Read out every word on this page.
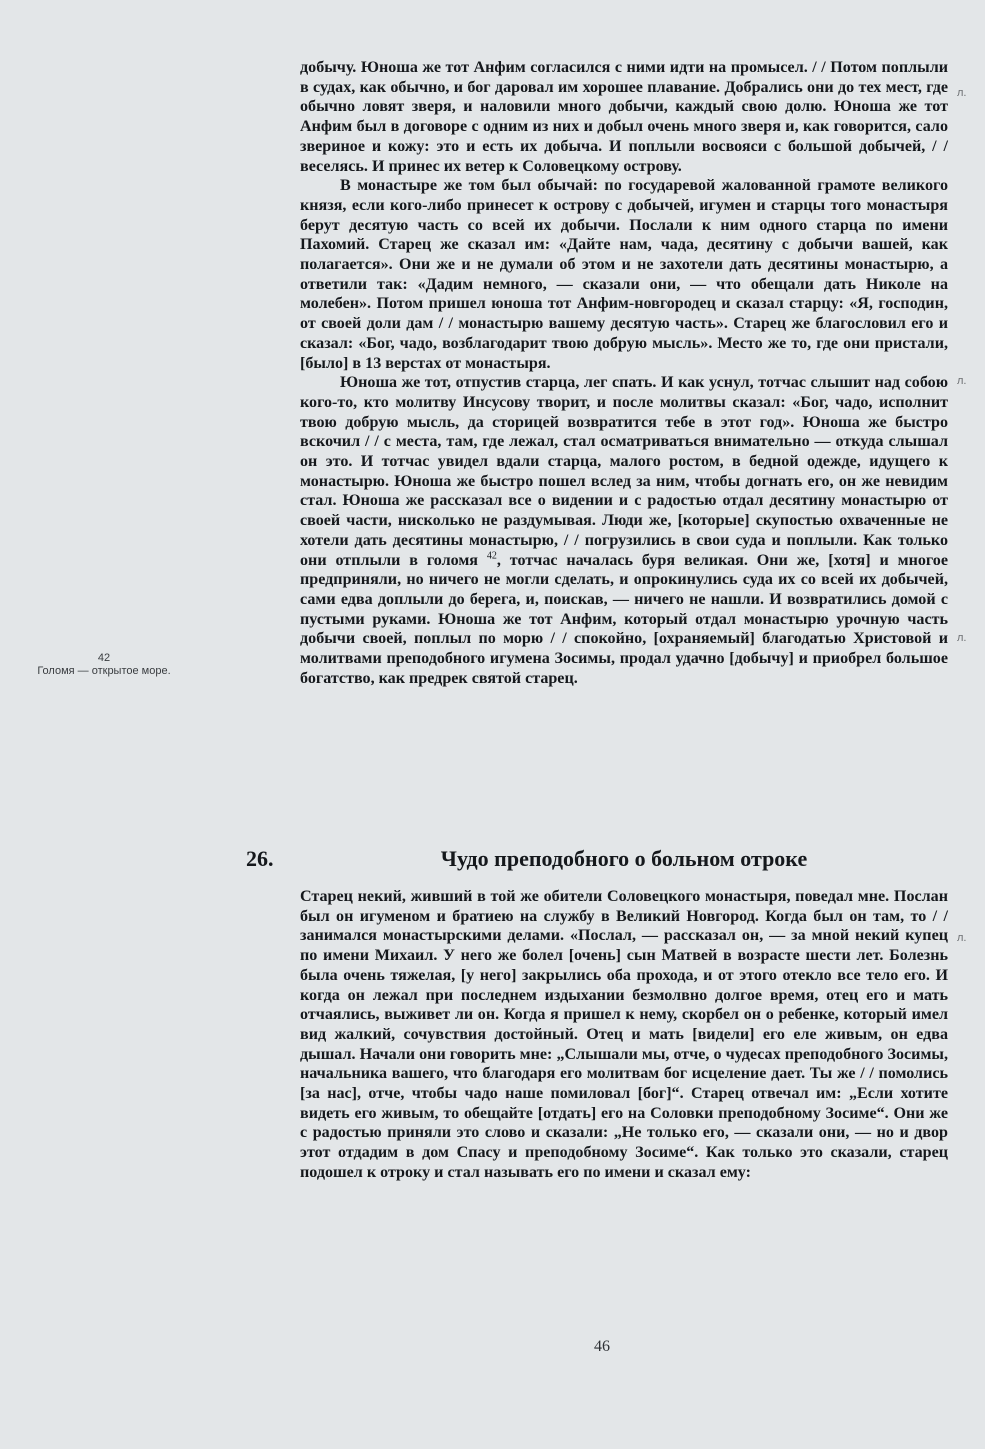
добычу. Юноша же тот Анфим согласился с ними идти на промысел. / / Потом поплыли в судах, как обычно, и бог даровал им хорошее плавание. Добрались они до тех мест, где обычно ловят зверя, и наловили много добычи, каждый свою долю. Юноша же тот Анфим был в договоре с одним из них и добыл очень много зверя и, как говорится, сало звериное и кожу: это и есть их добыча. И поплыли восвояси с большой добычей, / / веселясь. И принес их ветер к Соловецкому острову.

В монастыре же том был обычай: по государевой жалованной грамоте великого князя, если кого-либо принесет к острову с добычей, игумен и старцы того монастыря берут десятую часть со всей их добычи. Послали к ним одного старца по имени Пахомий. Старец же сказал им: «Дайте нам, чада, десятину с добычи вашей, как полагается». Они же и не думали об этом и не захотели дать десятины монастырю, а ответили так: «Дадим немного, — сказали они, — что обещали дать Николе на молебен». Потом пришел юноша тот Анфим-новгородец и сказал старцу: «Я, господин, от своей доли дам / / монастырю вашему десятую часть». Старец же благословил его и сказал: «Бог, чадо, возблагодарит твою добрую мысль». Место же то, где они пристали, [было] в 13 верстах от монастыря.

Юноша же тот, отпустив старца, лег спать. И как уснул, тотчас слышит над собою кого-то, кто молитву Инсусову творит, и после молитвы сказал: «Бог, чадо, исполнит твою добрую мысль, да сторицей возвратится тебе в этот год». Юноша же быстро вскочил / / с места, там, где лежал, стал осматриваться внимательно — откуда слышал он это. И тотчас увидел вдали старца, малого ростом, в бедной одежде, идущего к монастырю. Юноша же быстро пошел вслед за ним, чтобы догнать его, он же невидим стал. Юноша же рассказал все о видении и с радостью отдал десятину монастырю от своей части, нисколько не раздумывая. Люди же, [которые] скупостью охваченные не хотели дать десятины монастырю, / / погрузились в свои суда и поплыли. Как только они отплыли в голомя $^{42}$, тотчас началась буря великая. Они же, [хотя] и многое предприняли, но ничего не могли сделать, и опрокинулись суда их со всей их добычей, сами едва доплыли до берега, и, поискав, — ничего не нашли. И возвратились домой с пустыми руками. Юноша же тот Анфим, который отдал монастырю урочную часть добычи своей, поплыл по морю / / спокойно, [охраняемый] благодатью Христовой и молитвами преподобного игумена Зосимы, продал удачно [добычу] и приобрел большое богатство, как предрек святой старец.

42
Голомя — открытое море.
26.	Чудо преподобного о больном отроке

Старец некий, живший в той же обители Соловецкого монастыря, поведал мне. Послан был он игуменом и братиею на службу в Великий Новгород. Когда был он там, то / / занимался монастырскими делами. «Послал, — рассказал он, — за мной некий купец по имени Михаил. У него же болел [очень] сын Матвей в возрасте шести лет. Болезнь была очень тяжелая, [у него] закрылись оба прохода, и от этого отекло все тело его. И когда он лежал при последнем издыхании безмолвно долгое время, отец его и мать отчаялись, выживет ли он. Когда я пришел к нему, скорбел он о ребенке, который имел вид жалкий, сочувствия достойный. Отец и мать [видели] его еле живым, он едва дышал. Начали они говорить мне: „Слышали мы, отче, о чудесах преподобного Зосимы, начальника вашего, что благодаря его молитвам бог исцеление дает. Ты же / / помолись [за нас], отче, чтобы чадо наше помиловал [бог]“. Старец отвечал им: „Если хотите видеть его живым, то обещайте [отдать] его на Соловки преподобному Зосиме“. Они же с радостью приняли это слово и сказали: „Не только его, — сказали они, — но и двор этот отдадим в дом Спасу и преподобному Зосиме“. Как только это сказали, старец подошел к отроку и стал называть его по имени и сказал ему:

л.
л.
л.
л.
46
